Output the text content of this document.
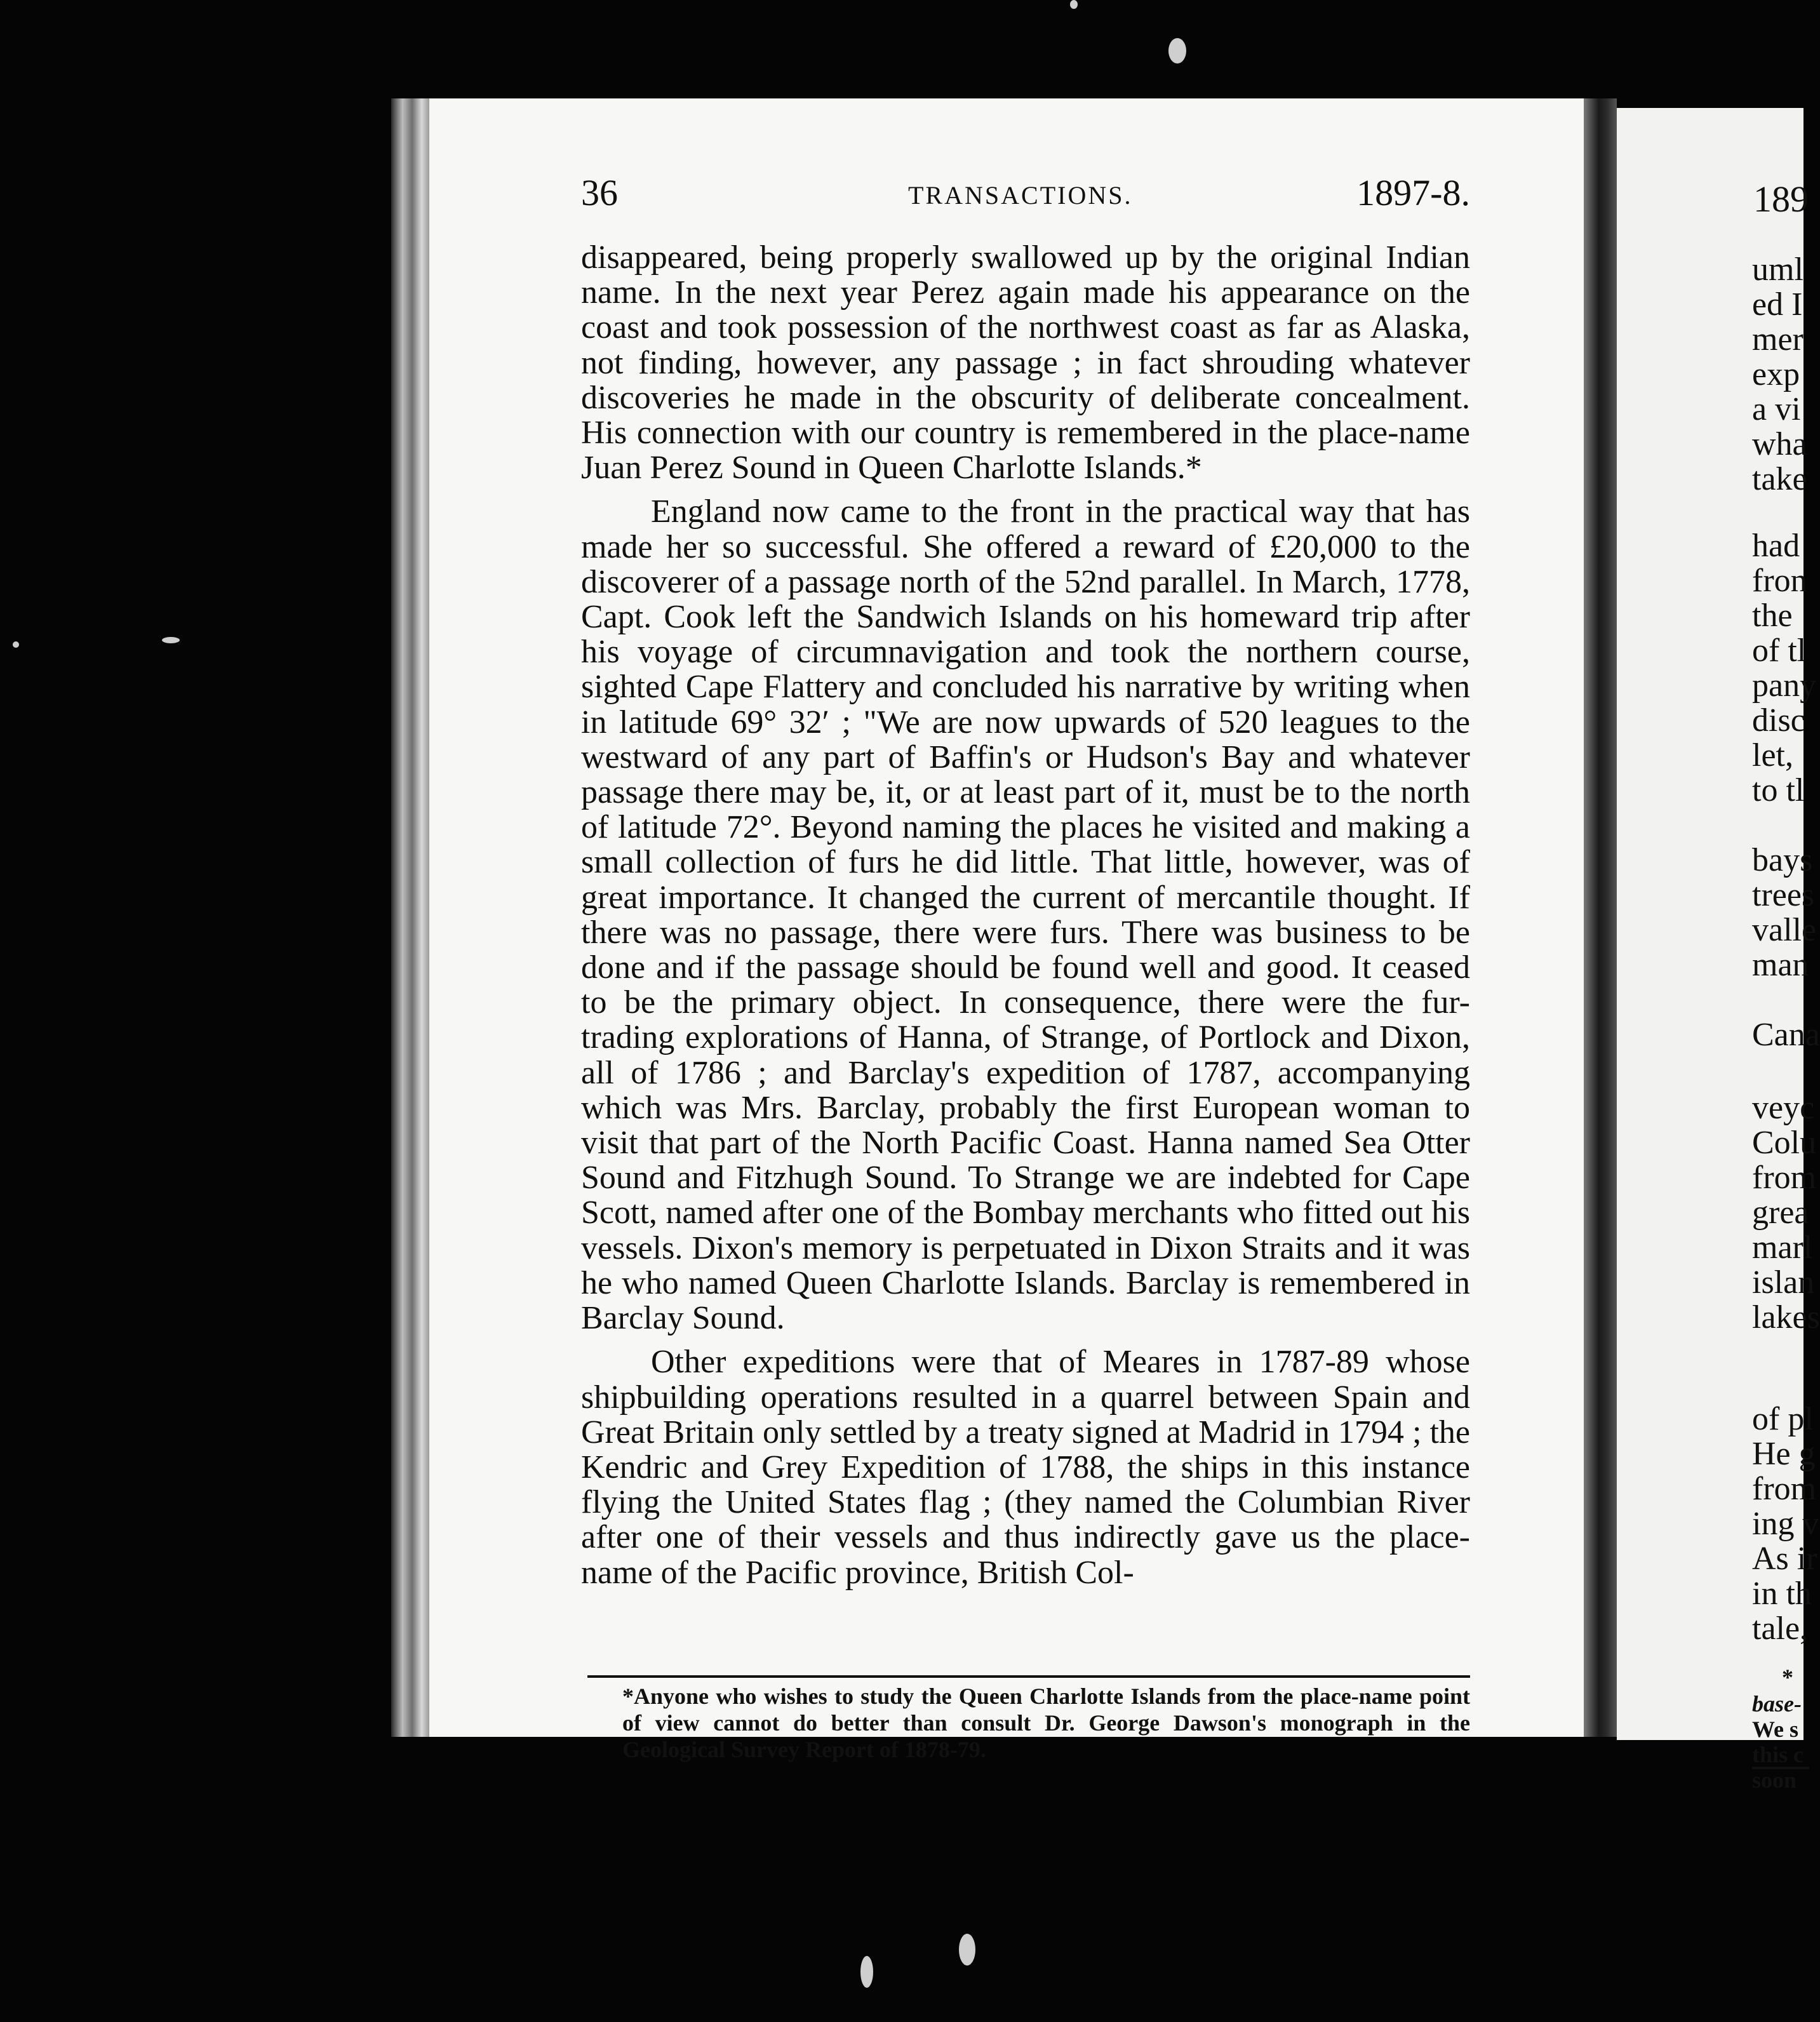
36	TRANSACTIONS.	1897-8.

disappeared, being properly swallowed up by the original Indian name. In the next year Perez again made his appearance on the coast and took possession of the northwest coast as far as Alaska, not finding, however, any passage ; in fact shrouding whatever discoveries he made in the obscurity of deliberate concealment. His connection with our country is remembered in the place-name Juan Perez Sound in Queen Charlotte Islands.*

England now came to the front in the practical way that has made her so successful. She offered a reward of £20,000 to the discoverer of a passage north of the 52nd parallel. In March, 1778, Capt. Cook left the Sandwich Islands on his homeward trip after his voyage of circumnavigation and took the northern course, sighted Cape Flattery and concluded his narrative by writing when in latitude 69° 32′ ; "We are now upwards of 520 leagues to the westward of any part of Baffin's or Hudson's Bay and whatever passage there may be, it, or at least part of it, must be to the north of latitude 72°. Beyond naming the places he visited and making a small collection of furs he did little. That little, however, was of great importance. It changed the current of mercantile thought. If there was no passage, there were furs. There was business to be done and if the passage should be found well and good. It ceased to be the primary object. In consequence, there were the fur-trading explorations of Hanna, of Strange, of Portlock and Dixon, all of 1786 ; and Barclay's expedition of 1787, accompanying which was Mrs. Barclay, probably the first European woman to visit that part of the North Pacific Coast. Hanna named Sea Otter Sound and Fitzhugh Sound. To Strange we are indebted for Cape Scott, named after one of the Bombay merchants who fitted out his vessels. Dixon's memory is perpetuated in Dixon Straits and it was he who named Queen Charlotte Islands. Barclay is remembered in Barclay Sound.

Other expeditions were that of Meares in 1787-89 whose shipbuilding operations resulted in a quarrel between Spain and Great Britain only settled by a treaty signed at Madrid in 1794 ; the Kendric and Grey Expedition of 1788, the ships in this instance flying the United States flag ; (they named the Columbian River after one of their vessels and thus indirectly gave us the place-name of the Pacific province, British Col-

*Anyone who wishes to study the Queen Charlotte Islands from the place-name point of view cannot do better than consult Dr. George Dawson's monograph in the Geological Survey Report of 1878-79.
189
uml
ed I
mer
exp
a vi
wha
take
had
fron
the
of tl
pany
disc
let,
to tl
bays
trees
valle
man
Cana
veyc
Colu
from
grea
marl
islan
lakes
of pl
He g
from
ing v
As ir
in th
tale,
*
base-
We s
this c
soon
